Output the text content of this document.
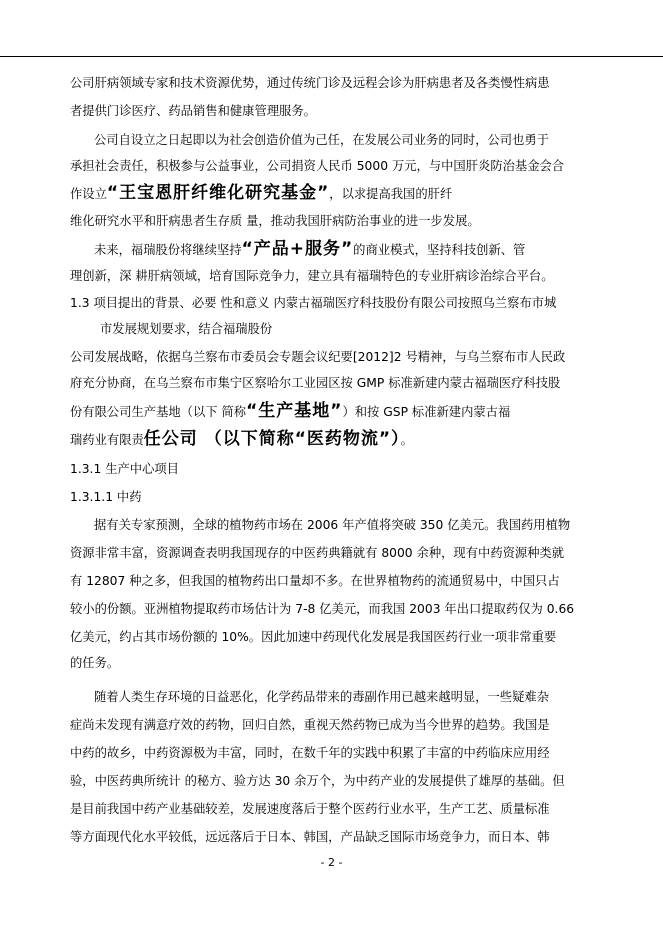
公司肝病领域专家和技术资源优势，通过传统门诊及远程会诊为肝病患者及各类慢性病患
者提供门诊医疗、药品销售和健康管理服务。
公司自设立之日起即以为社会创造价值为己任，在发展公司业务的同时，公司也勇于
承担社会责任，积极参与公益事业，公司捐资人民币 5000 万元，与中国肝炎防治基金会合
作设立“王宝恩肝纤维化研究基金”，以求提高我国的肝纤
维化研究水平和肝病患者生存质 量，推动我国肝病防治事业的进一步发展。
未来，福瑞股份将继续坚持“产品+服务”的商业模式，坚持科技创新、管
理创新，深 耕肝病领域，培育国际竞争力，建立具有福瑞特色的专业肝病诊治综合平台。
1.3 项目提出的背景、必要 性和意义 内蒙古福瑞医疗科技股份有限公司按照乌兰察布市城
市发展规划要求，结合福瑞股份
公司发展战略，依据乌兰察布市委员会专题会议纪要[2012]2 号精神，与乌兰察布市人民政
府充分协商，在乌兰察布市集宁区察哈尔工业园区按 GMP 标准新建内蒙古福瑞医疗科技股
份有限公司生产基地（以下 简称“生产基地”）和按 GSP 标准新建内蒙古福
瑞药业有限责任公司 （以下简称“医药物流”）。
1.3.1 生产中心项目
1.3.1.1 中药
据有关专家预测，全球的植物药市场在 2006 年产值将突破 350 亿美元。我国药用植物
资源非常丰富，资源调查表明我国现存的中医药典籍就有 8000 余种，现有中药资源种类就
有 12807 种之多，但我国的植物药出口量却不多。在世界植物药的流通贸易中，中国只占
较小的份额。亚洲植物提取药市场估计为 7-8 亿美元，而我国 2003 年出口提取药仅为 0.66
亿美元，约占其市场份额的 10%。因此加速中药现代化发展是我国医药行业一项非常重要
的任务。
随着人类生存环境的日益恶化，化学药品带来的毒副作用已越来越明显，一些疑难杂
症尚未发现有满意疗效的药物，回归自然，重视天然药物已成为当今世界的趋势。我国是
中药的故乡，中药资源极为丰富，同时，在数千年的实践中积累了丰富的中药临床应用经
验，中医药典所统计 的秘方、验方达 30 余万个，为中药产业的发展提供了雄厚的基础。但
是目前我国中药产业基础较差，发展速度落后于整个医药行业水平，生产工艺、质量标准
等方面现代化水平较低，远远落后于日本、韩国，产品缺乏国际市场竞争力，而日本、韩
- 2 -
